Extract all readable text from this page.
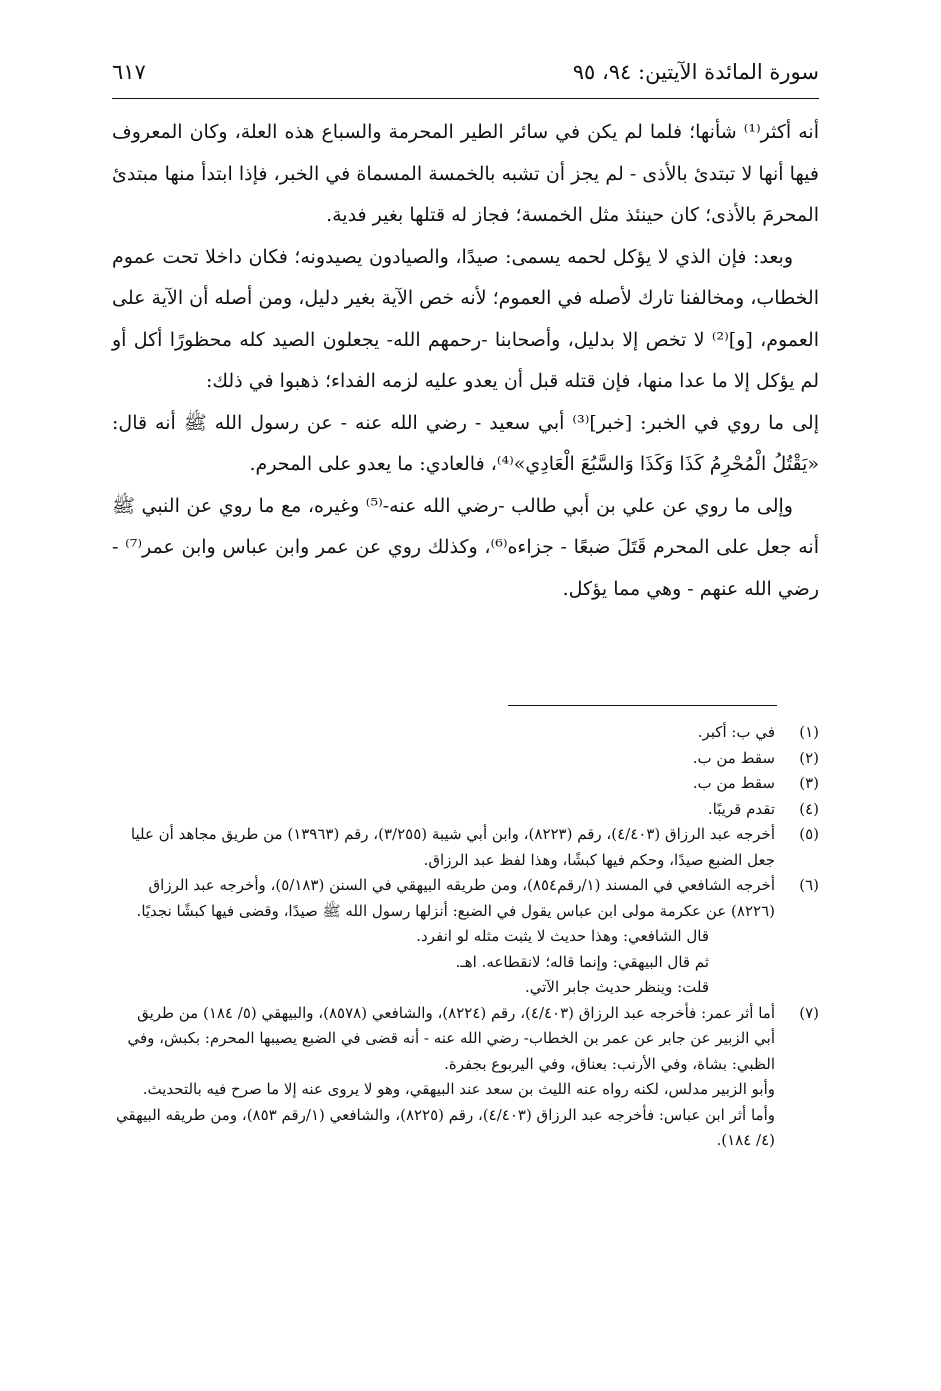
سورة المائدة الآيتين: ٩٤، ٩٥
٦١٧

أنه أكثر⁽¹⁾ شأنها؛ فلما لم يكن في سائر الطير المحرمة والسباع هذه العلة، وكان المعروف فيها أنها لا تبتدئ بالأذى - لم يجز أن تشبه بالخمسة المسماة في الخبر، فإذا ابتدأ منها مبتدئ المحرمَ بالأذى؛ كان حينئذ مثل الخمسة؛ فجاز له قتلها بغير فدية.

وبعد: فإن الذي لا يؤكل لحمه يسمى: صيدًا، والصيادون يصيدونه؛ فكان داخلا تحت عموم الخطاب، ومخالفنا تارك لأصله في العموم؛ لأنه خص الآية بغير دليل، ومن أصله أن الآية على العموم، [و]⁽²⁾ لا تخص إلا بدليل، وأصحابنا -رحمهم الله- يجعلون الصيد كله محظورًا أكل أو لم يؤكل إلا ما عدا منها، فإن قتله قبل أن يعدو عليه لزمه الفداء؛ ذهبوا في ذلك:

إلى ما روي في الخبر: [خبر]⁽³⁾ أبي سعيد - رضي الله عنه - عن رسول الله ﷺ أنه قال: «يَقْتُلُ الْمُحْرِمُ كَذَا وَكَذَا وَالسَّبُعَ الْعَادِي»⁽⁴⁾، فالعادي: ما يعدو على المحرم.

وإلى ما روي عن علي بن أبي طالب -رضي الله عنه-⁽⁵⁾ وغيره، مع ما روي عن النبي ﷺ أنه جعل على المحرم قَتَلَ ضبعًا - جزاءه⁽⁶⁾، وكذلك روي عن عمر وابن عباس وابن عمر⁽⁷⁾ - رضي الله عنهم - وهي مما يؤكل.

(١)
في ب: أكبر.
(٢)
سقط من ب.
(٣)
سقط من ب.
(٤)
تقدم قريبًا.
(٥)
أخرجه عبد الرزاق (٤/٤٠٣)، رقم (٨٢٢٣)، وابن أبي شيبة (٣/٢٥٥)، رقم (١٣٩٦٣) من طريق مجاهد أن عليا جعل الضبع صيدًا، وحكم فيها كبشًا، وهذا لفظ عبد الرزاق.
(٦)
أخرجه الشافعي في المسند (١/رقم٨٥٤)، ومن طريقه البيهقي في السنن (٥/١٨٣)، وأخرجه عبد الرزاق (٨٢٢٦) عن عكرمة مولى ابن عباس يقول في الضبع: أنزلها رسول الله ﷺ صيدًا، وقضى فيها كبشًا نجديًا.
قال الشافعي: وهذا حديث لا يثبت مثله لو انفرد.
ثم قال البيهقي: وإنما قاله؛ لانقطاعه. اهـ.
قلت: وينظر حديث جابر الآتي.
(٧)
أما أثر عمر: فأخرجه عبد الرزاق (٤/٤٠٣)، رقم (٨٢٢٤)، والشافعي (٨٥٧٨)، والبيهقي (٥/ ١٨٤) من طريق أبي الزبير عن جابر عن عمر بن الخطاب- رضي الله عنه - أنه قضى في الضبع يصيبها المحرم: بكبش، وفي الظبي: بشاة، وفي الأرنب: بعناق، وفي اليربوع بجفرة.
وأبو الزبير مدلس، لكنه رواه عنه الليث بن سعد عند البيهقي، وهو لا يروى عنه إلا ما صرح فيه بالتحديث.
وأما أثر ابن عباس: فأخرجه عبد الرزاق (٤/٤٠٣)، رقم (٨٢٢٥)، والشافعي (١/رقم ٨٥٣)، ومن طريقه البيهقي (٤/ ١٨٤).
